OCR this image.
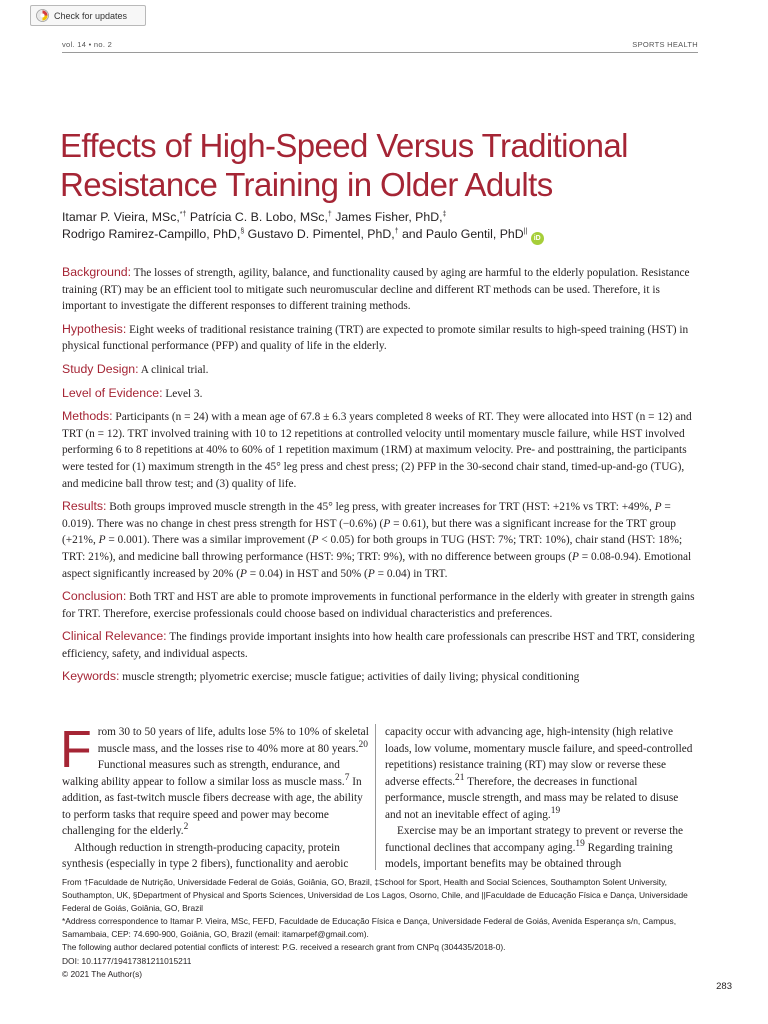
Check for updates
vol. 14 • no. 2	SPORTS HEALTH
Effects of High-Speed Versus Traditional Resistance Training in Older Adults

Itamar P. Vieira, MSc,*† Patrícia C. B. Lobo, MSc,† James Fisher, PhD,‡
Rodrigo Ramirez-Campillo, PhD,§ Gustavo D. Pimentel, PhD,† and Paulo Gentil, PhD|| iD

Background: The losses of strength, agility, balance, and functionality caused by aging are harmful to the elderly population. Resistance training (RT) may be an efficient tool to mitigate such neuromuscular decline and different RT methods can be used. Therefore, it is important to investigate the different responses to different training methods.

Hypothesis: Eight weeks of traditional resistance training (TRT) are expected to promote similar results to high-speed training (HST) in physical functional performance (PFP) and quality of life in the elderly.

Study Design: A clinical trial.

Level of Evidence: Level 3.

Methods: Participants (n = 24) with a mean age of 67.8 ± 6.3 years completed 8 weeks of RT. They were allocated into HST (n = 12) and TRT (n = 12). TRT involved training with 10 to 12 repetitions at controlled velocity until momentary muscle failure, while HST involved performing 6 to 8 repetitions at 40% to 60% of 1 repetition maximum (1RM) at maximum velocity. Pre- and posttraining, the participants were tested for (1) maximum strength in the 45° leg press and chest press; (2) PFP in the 30-second chair stand, timed-up-and-go (TUG), and medicine ball throw test; and (3) quality of life.

Results: Both groups improved muscle strength in the 45° leg press, with greater increases for TRT (HST: +21% vs TRT: +49%, P = 0.019). There was no change in chest press strength for HST (−0.6%) (P = 0.61), but there was a significant increase for the TRT group (+21%, P = 0.001). There was a similar improvement (P < 0.05) for both groups in TUG (HST: 7%; TRT: 10%), chair stand (HST: 18%; TRT: 21%), and medicine ball throwing performance (HST: 9%; TRT: 9%), with no difference between groups (P = 0.08-0.94). Emotional aspect significantly increased by 20% (P = 0.04) in HST and 50% (P = 0.04) in TRT.

Conclusion: Both TRT and HST are able to promote improvements in functional performance in the elderly with greater in strength gains for TRT. Therefore, exercise professionals could choose based on individual characteristics and preferences.

Clinical Relevance: The findings provide important insights into how health care professionals can prescribe HST and TRT, considering efficiency, safety, and individual aspects.

Keywords: muscle strength; plyometric exercise; muscle fatigue; activities of daily living; physical conditioning

From 30 to 50 years of life, adults lose 5% to 10% of skeletal muscle mass, and the losses rise to 40% more at 80 years.$^{20}$ Functional measures such as strength, endurance, and walking ability appear to follow a similar loss as muscle mass.$^7$ In addition, as fast-twitch muscle fibers decrease with age, the ability to perform tasks that require speed and power may become challenging for the elderly.$^2$

Although reduction in strength-producing capacity, protein synthesis (especially in type 2 fibers), functionality and aerobic

capacity occur with advancing age, high-intensity (high relative loads, low volume, momentary muscle failure, and speed-controlled repetitions) resistance training (RT) may slow or reverse these adverse effects.$^{21}$ Therefore, the decreases in functional performance, muscle strength, and mass may be related to disuse and not an inevitable effect of aging.$^{19}$

Exercise may be an important strategy to prevent or reverse the functional declines that accompany aging.$^{19}$ Regarding training models, important benefits may be obtained through

From †Faculdade de Nutrição, Universidade Federal de Goiás, Goiânia, GO, Brazil, ‡School for Sport, Health and Social Sciences, Southampton Solent University, Southampton, UK, §Department of Physical and Sports Sciences, Universidad de Los Lagos, Osorno, Chile, and ||Faculdade de Educação Física e Dança, Universidade Federal de Goiás, Goiânia, GO, Brazil

*Address correspondence to Itamar P. Vieira, MSc, FEFD, Faculdade de Educação Física e Dança, Universidade Federal de Goiás, Avenida Esperança s/n, Campus, Samambaia, CEP: 74.690-900, Goiânia, GO, Brazil (email: itamarpef@gmail.com).

The following author declared potential conflicts of interest: P.G. received a research grant from CNPq (304435/2018-0).

DOI: 10.1177/19417381211015211

© 2021 The Author(s)

283
